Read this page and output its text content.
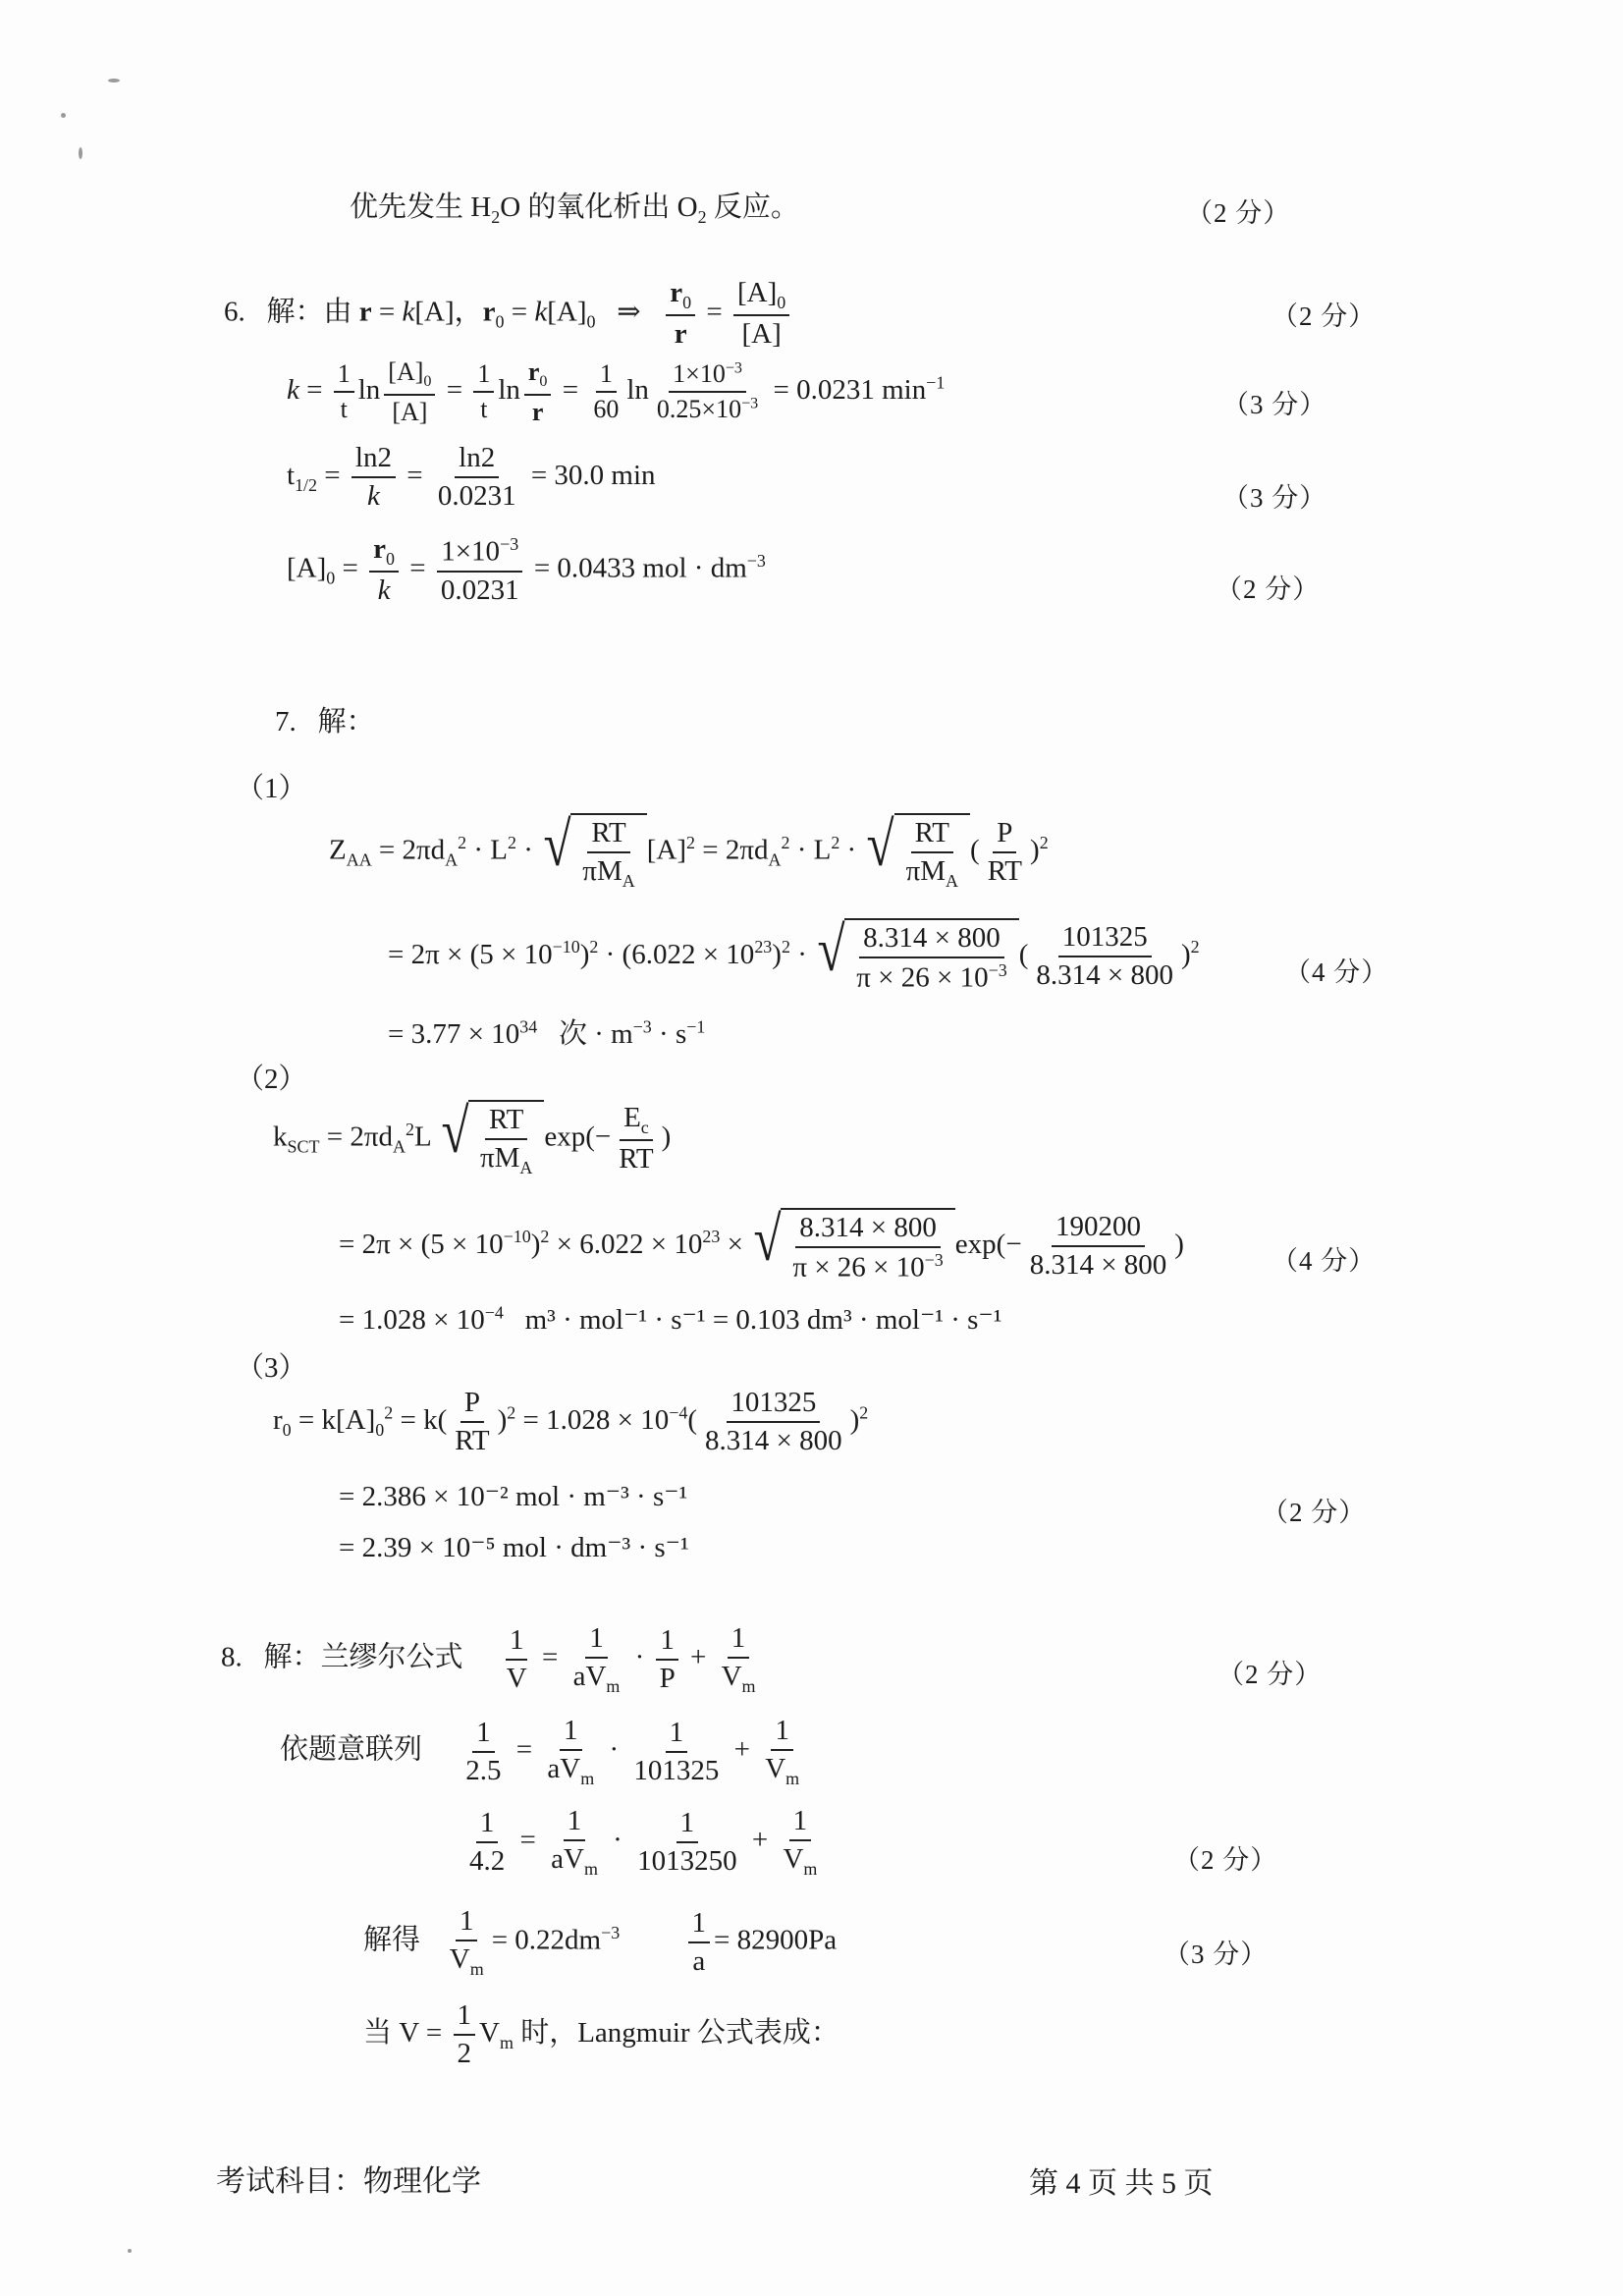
优先发生 $H_2O$ 的氧化析出 $O_2$ 反应。	（2 分）
6. 解：由 r = k[A]，$r_0 = k[A]_0$   ⇒ $\frac{r_0}{r} = \frac{[A]_0}{[A]}$	（2 分）
$k = \frac{1}{t}$ $\ln \frac{[A]_0}{[A]} = \frac{1}{t}$ $\ln \frac{r_0}{r} = \frac{1}{60}$ $\ln \frac{1\times 10^{-3}}{0.25\times 10^{-3}} = 0.0231$ $\min^{-1}$
（3 分）
$t_{1/2} = \frac{\ln 2}{k} = \frac{\ln 2}{0.0231} = 30.0$ min
（3 分）
$[A]_0 = \frac{r_0}{k} = \frac{1\times 10^{-3}}{0.0231} = 0.0433$ mol · $dm^{-3}$
（2 分）
7. 解：
（1）
$Z_{AA} = 2\pi d_A^2 \cdot L^2$ · √ $\frac{RT}{\pi M_A} [A]^2 = 2\pi d_A^2 \cdot L^2$ · √ $\frac{RT}{\pi M_A}$ ( $\frac{P}{RT} )^2$
= $2\pi \times (5 \times 10^{-10})^2 \cdot (6.022 \times 10^{23})^2$ · √ $\frac{8.314 \times 800}{\pi \times 26 \times 10^{-3}}$ ( $\frac{101325}{8.314 \times 800} )^2$
（4 分）
= $3.77 \times 10^{34}$ 次 · $m^{-3} \cdot s^{-1}$
（2）
$k_{SCT} = 2\pi d_A^2L$ √ $\frac{RT}{\pi M_A} \exp(- \frac{E_c}{RT}$ )
= $2\pi \times (5 \times 10^{-10})^2 \times 6.022 \times 10^{23}$ × √ $\frac{8.314 \times 800}{\pi \times 26 \times 10^{-3}} \exp(- \frac{190200}{8.314 \times 800}$ )
（4 分）
= $1.028 \times 10^{-4}$ m³ · mol⁻¹ · s⁻¹ = 0.103 dm³ · mol⁻¹ · s⁻¹
（3）
$r_0 = k[A]_0^2 = k( \frac{P}{RT} )^2 = 1.028 \times 10^{-4}( \frac{101325}{8.314 \times 800} )^2$
= 2.386 × 10⁻² mol · m⁻³ · s⁻¹	（2 分）
= 2.39 × 10⁻⁵ mol · dm⁻³ · s⁻¹
8. 解：兰缪尔公式 $\frac{1}{V} = \frac{1}{aV_m} \cdot \frac{1}{P} + \frac{1}{V_m}$	（2 分）
依题意联列 $\frac{1}{2.5} = \frac{1}{aV_m} \cdot \frac{1}{101325} + \frac{1}{V_m}$
$\frac{1}{4.2} = \frac{1}{aV_m} \cdot \frac{1}{1013250} + \frac{1}{V_m}$	（2 分）
解得 $\frac{1}{V_m} = 0.22dm^{-3} \frac{1}{a} = 82900Pa$	（3 分）
当 $V = \frac{1}{2} V_m$ 时，Langmuir 公式表成：
考试科目：物理化学	第 4 页 共 5 页
